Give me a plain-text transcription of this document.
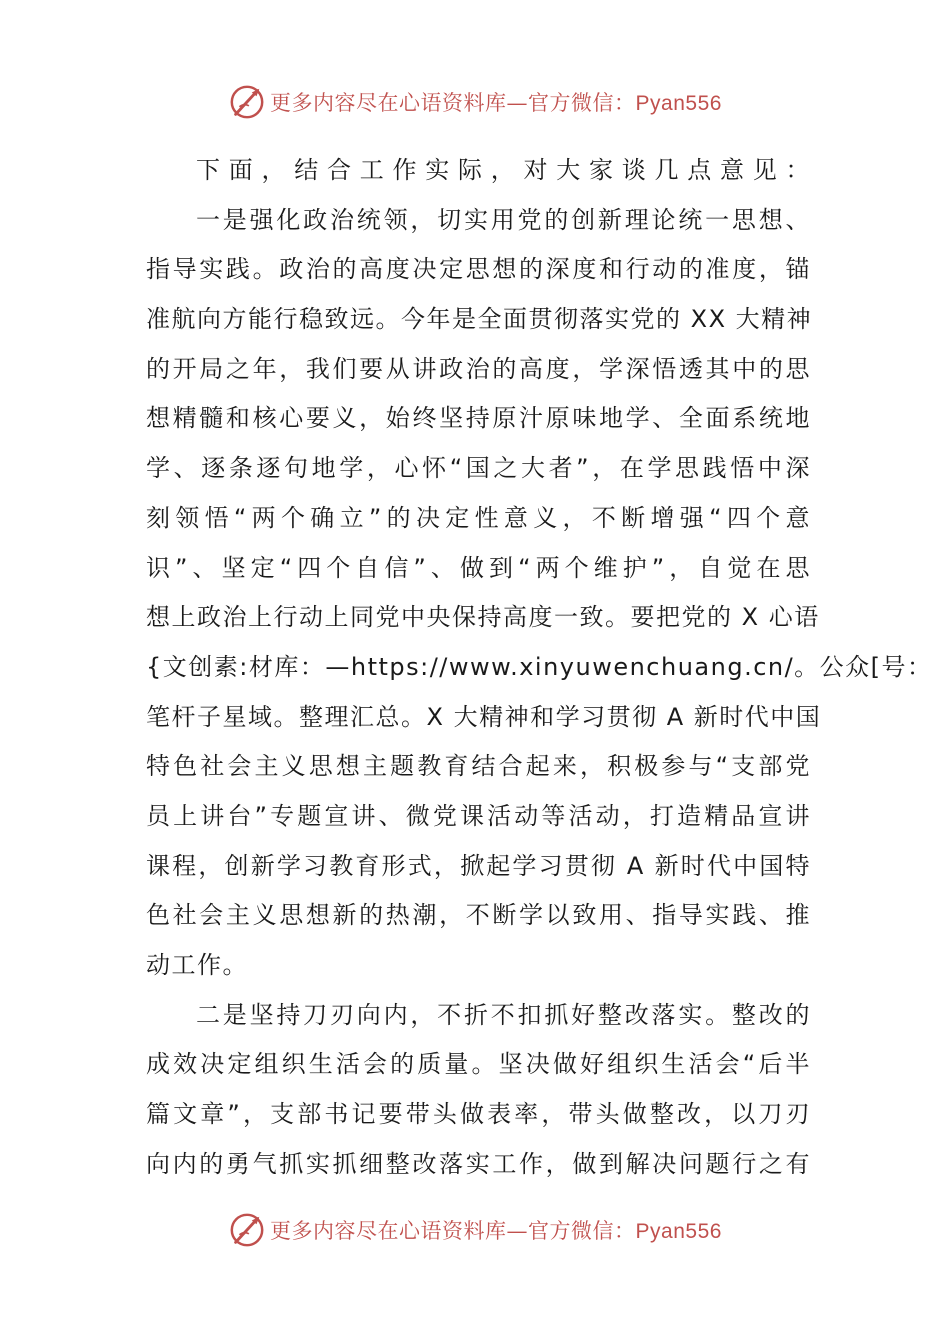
更多内容尽在心语资料库—官方微信：Pyan556
下面，结合工作实际，对大家谈几点意见：
一是强化政治统领，切实用党的创新理论统一思想、
指导实践。政治的高度决定思想的深度和行动的准度，锚
准航向方能行稳致远。今年是全面贯彻落实党的 XX 大精神
的开局之年，我们要从讲政治的高度，学深悟透其中的思
想精髓和核心要义，始终坚持原汁原味地学、全面系统地
学、逐条逐句地学，心怀“国之大者”，在学思践悟中深
刻领悟“两个确立”的决定性意义，不断增强“四个意
识”、坚定“四个自信”、做到“两个维护”，自觉在思
想上政治上行动上同党中央保持高度一致。要把党的 X 心语
{文创素:材库：—https://www.xinyuwenchuang.cn/。公众[号：
笔杆子星域。整理汇总。X 大精神和学习贯彻 A 新时代中国
特色社会主义思想主题教育结合起来，积极参与“支部党
员上讲台”专题宣讲、微党课活动等活动，打造精品宣讲
课程，创新学习教育形式，掀起学习贯彻 A 新时代中国特
色社会主义思想新的热潮，不断学以致用、指导实践、推
动工作。
二是坚持刀刃向内，不折不扣抓好整改落实。整改的
成效决定组织生活会的质量。坚决做好组织生活会“后半
篇文章”，支部书记要带头做表率，带头做整改，以刀刃
向内的勇气抓实抓细整改落实工作，做到解决问题行之有
更多内容尽在心语资料库—官方微信：Pyan556
